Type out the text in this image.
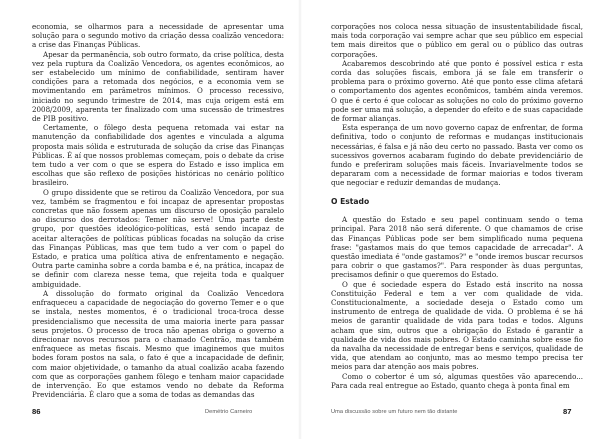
economia, se olharmos para a necessidade de apresentar uma solução para o segundo motivo da criação dessa coalizão vencedora: a crise das Finanças Públicas.

Apesar da permanência, sob outro formato, da crise política, desta vez pela ruptura da Coalizão Vencedora, os agentes econômicos, ao ser estabelecido um mínimo de confiabilidade, sentiram haver condições para a retomada dos negócios, e a economia vem se movimentando em parâmetros mínimos. O processo recessivo, iniciado no segundo trimestre de 2014, mas cuja origem está em 2008/2009, aparenta ter finalizado com uma sucessão de trimestres de PIB positivo.

Certamente, o fôlego desta pequena retomada vai estar na manutenção da confiabilidade dos agentes e vinculada a alguma proposta mais sólida e estruturada de solução da crise das Finanças Públicas. É aí que nossos problemas começam, pois o debate da crise tem tudo a ver com o que se espera do Estado e isso implica em escolhas que são reflexo de posições históricas no cenário político brasileiro.

O grupo dissidente que se retirou da Coalizão Vencedora, por sua vez, também se fragmentou e foi incapaz de apresentar propostas concretas que não fossem apenas um discurso de oposição paralelo ao discurso dos derrotados: Temer não serve! Uma parte deste grupo, por questões ideológico-políticas, está sendo incapaz de aceitar alterações de políticas públicas focadas na solução da crise das Finanças Públicas, mas que tem tudo a ver com o papel do Estado, e pratica uma política ativa de enfrentamento e negação. Outra parte caminha sobre a corda bamba e é, na prática, incapaz de se definir com clareza nesse tema, que rejeita toda e qualquer ambiguidade.

A dissolução do formato original da Coalizão Vencedora enfraqueceu a capacidade de negociação do governo Temer e o que se instala, nestes momentos, é o tradicional troca-troca desse presidencialismo que necessita de uma maioria inerte para passar seus projetos. O processo de troca não apenas obriga o governo a direcionar novos recursos para o chamado Centrão, mas também enfraquece as metas fiscais. Mesmo que imaginemos que muitos bodes foram postos na sala, o fato é que a incapacidade de definir, com maior objetividade, o tamanho da atual coalizão acaba fazendo com que as corporações ganhem fôlego e tenham maior capacidade de intervenção. Eo que estamos vendo no debate da Reforma Previdenciária. É claro que a soma de todas as demandas das

corporações nos coloca nessa situação de insustentabilidade fiscal, mais toda corporação vai sempre achar que seu público em especial tem mais direitos que o público em geral ou o público das outras corporações.

Acabaremos descobrindo até que ponto é possível estica r esta corda das soluções fiscais, embora já se fale em transferir o problema para o próximo governo. Até que ponto esse clima afetará o comportamento dos agentes econômicos, também ainda veremos. O que é certo é que colocar as soluções no colo do próximo governo pode ser uma má solução, a depender do efeito e de suas capacidade de formar alianças.

Esta esperança de um novo governo capaz de enfrentar, de forma definitiva, todo o conjunto de reformas e mudanças institucionais necessárias, é falsa e já não deu certo no passado. Basta ver como os sucessivos governos acabaram fugindo do debate previdenciário de fundo e preferiram soluções mais fáceis. Invariavelmente todos se depararam com a necessidade de formar maiorias e todos tiveram que negociar e reduzir demandas de mudança.

O Estado

A questão do Estado e seu papel continuam sendo o tema principal. Para 2018 não será diferente. O que chamamos de crise das Finanças Públicas pode ser bem simplificado numa pequena frase: "gastamos mais do que temos capacidade de arrecadar". A questão imediata é "onde gastamos?" e "onde iremos buscar recursos para cobrir o que gastamos?". Para responder às duas perguntas, precisamos definir o que queremos do Estado.

O que é sociedade espera do Estado está inscrito na nossa Constituição Federal e tem a ver com qualidade de vida. Constitucionalmente, a sociedade deseja o Estado como um instrumento de entrega de qualidade de vida. O problema é se há meios de garantir qualidade de vida para todas e todos. Alguns acham que sim, outros que a obrigação do Estado é garantir a qualidade de vida dos mais pobres. O Estado caminha sobre esse fio da navalha da necessidade de entregar bens e serviços, qualidade de vida, que atendam ao conjunto, mas ao mesmo tempo precisa ter meios para dar atenção aos mais pobres.

Como o cobertor é um só, algumas questões vão aparecendo... Para cada real entregue ao Estado, quanto chega à ponta final em

86	Demétrio Carneiro	Uma discussão sobre um futuro nem tão distante	87
